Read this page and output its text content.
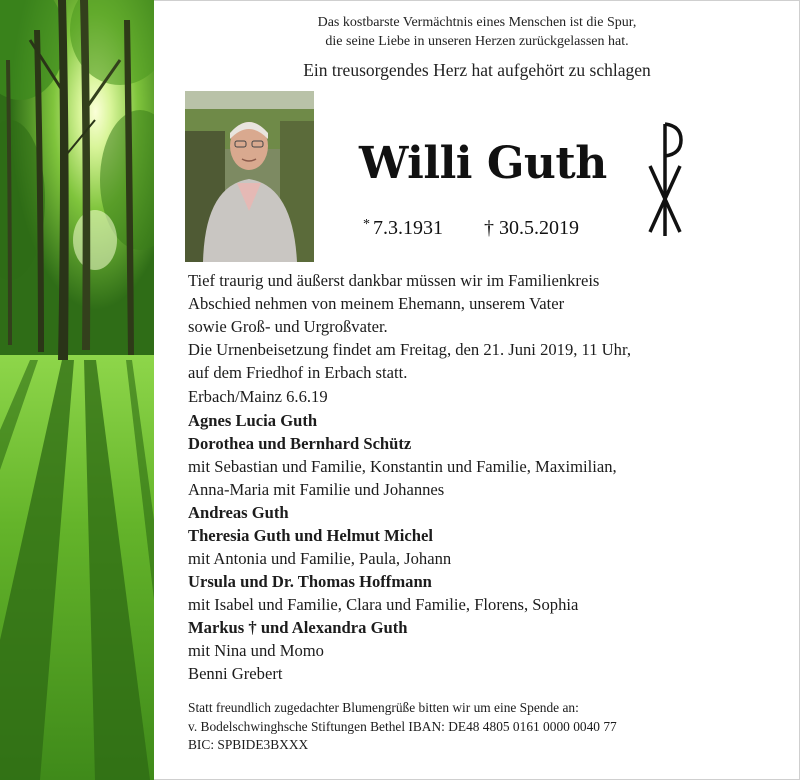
Das kostbarste Vermächtnis eines Menschen ist die Spur,
die seine Liebe in unseren Herzen zurückgelassen hat.
Ein treusorgendes Herz hat aufgehört zu schlagen
Willi Guth
* 7.3.1931 † 30.5.2019
Tief traurig und äußerst dankbar müssen wir im Familienkreis
Abschied nehmen von meinem Ehemann, unserem Vater
sowie Groß- und Urgroßvater.
Die Urnenbeisetzung findet am Freitag, den 21. Juni 2019, 11 Uhr,
auf dem Friedhof in Erbach statt.
Erbach/Mainz 6.6.19
Agnes Lucia Guth
Dorothea und Bernhard Schütz
mit Sebastian und Familie, Konstantin und Familie, Maximilian,
Anna-Maria mit Familie und Johannes
Andreas Guth
Theresia Guth und Helmut Michel
mit Antonia und Familie, Paula, Johann
Ursula und Dr. Thomas Hoffmann
mit Isabel und Familie, Clara und Familie, Florens, Sophia
Markus † und Alexandra Guth
mit Nina und Momo
Benni Grebert
Statt freundlich zugedachter Blumengrüße bitten wir um eine Spende an:
v. Bodelschwinghsche Stiftungen Bethel IBAN: DE48 4805 0161 0000 0040 77
BIC: SPBIDE3BXXX
